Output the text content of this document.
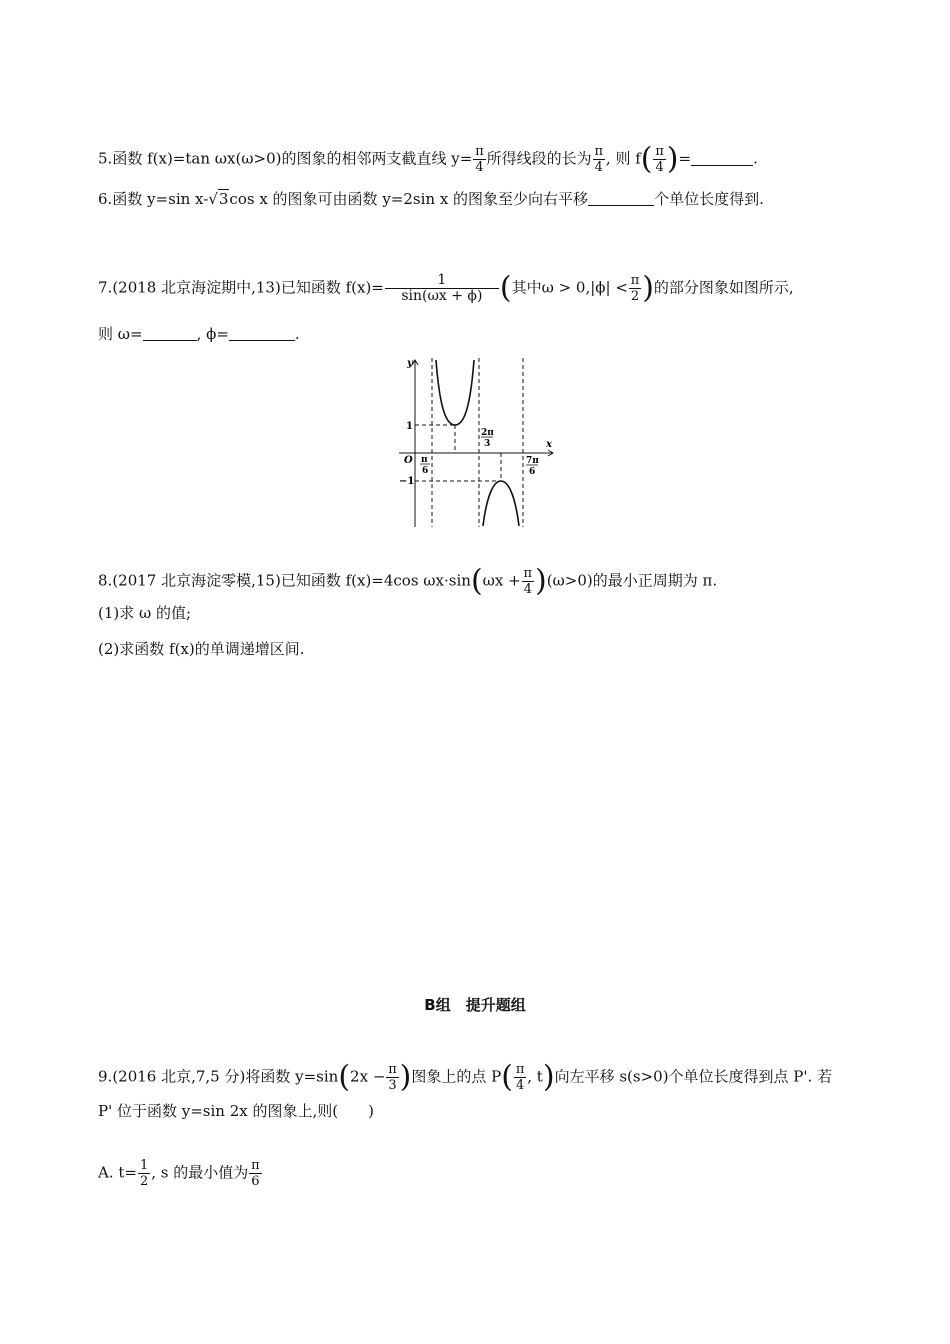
5.函数 f(x)=tan ωx(ω>0)的图象的相邻两支截直线 $y= \frac{\pi}{4}$ 所得线段的长为 $\frac{\pi}{4}$ , 则 $f( \frac{\pi}{4}$ )=	.
6.函数 y=sin x-√3cos x 的图象可由函数 y=2sin x 的图象至少向右平移	个单位长度得到.
7.(2018 北京海淀期中,13)已知函数 $f(x)= \frac{1}{\sin(\omega x + \phi)}$ (其中$\omega > 0,|\phi| < \frac{\pi}{2}$ )的部分图象如图所示,
则 ω=	, ϕ=	.
y
x
O
1
−1
π
6
2π
3
7π
6
8.(2017 北京海淀零模,15)已知函数 f(x)=4cos $\omega x\cdot\sin(\omega x + \frac{\pi}{4} )(\omega>0)$的最小正周期为 π.
(1)求 ω 的值;
(2)求函数 f(x)的单调递增区间.
B组　提升题组
9.(2016 北京,7,5 分)将函数 $y=\sin(2x - \frac{\pi}{3}$ )图象上的点 $P( \frac{\pi}{4}$ , t)向左平移 s(s>0)个单位长度得到点 P'. 若
P' 位于函数 y=sin 2x 的图象上,则(　　)
A. $t= \frac{1}{2}$ , s 的最小值为 $\frac{\pi}{6}$
